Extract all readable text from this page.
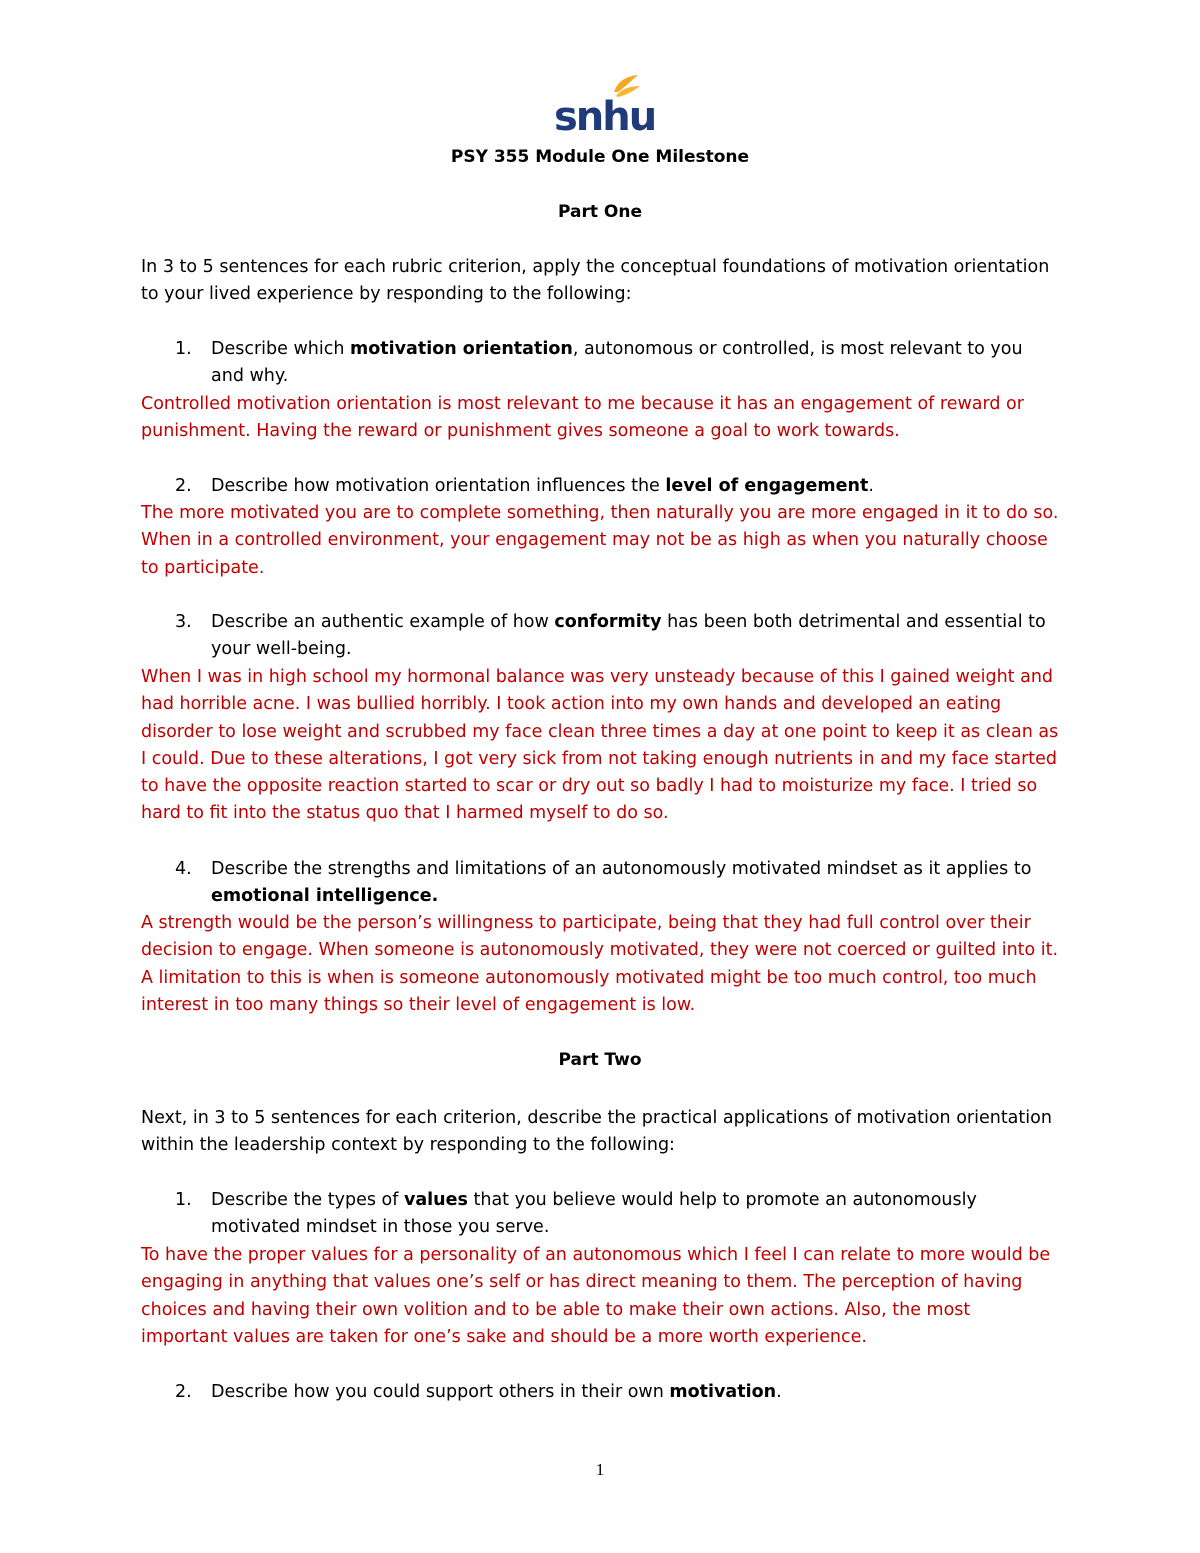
snhu
PSY 355 Module One Milestone
Part One
In 3 to 5 sentences for each rubric criterion, apply the conceptual foundations of motivation orientation to your lived experience by responding to the following:
1.	Describe which motivation orientation, autonomous or controlled, is most relevant to you and why.
Controlled motivation orientation is most relevant to me because it has an engagement of reward or punishment. Having the reward or punishment gives someone a goal to work towards.
2.	Describe how motivation orientation influences the level of engagement.
The more motivated you are to complete something, then naturally you are more engaged in it to do so. When in a controlled environment, your engagement may not be as high as when you naturally choose to participate.
3.	Describe an authentic example of how conformity has been both detrimental and essential to your well-being.
When I was in high school my hormonal balance was very unsteady because of this I gained weight and had horrible acne. I was bullied horribly. I took action into my own hands and developed an eating disorder to lose weight and scrubbed my face clean three times a day at one point to keep it as clean as I could. Due to these alterations, I got very sick from not taking enough nutrients in and my face started to have the opposite reaction started to scar or dry out so badly I had to moisturize my face. I tried so hard to fit into the status quo that I harmed myself to do so.
4.	Describe the strengths and limitations of an autonomously motivated mindset as it applies to emotional intelligence.
A strength would be the person’s willingness to participate, being that they had full control over their decision to engage. When someone is autonomously motivated, they were not coerced or guilted into it. A limitation to this is when is someone autonomously motivated might be too much control, too much interest in too many things so their level of engagement is low.
Part Two
Next, in 3 to 5 sentences for each criterion, describe the practical applications of motivation orientation within the leadership context by responding to the following:
1.	Describe the types of values that you believe would help to promote an autonomously motivated mindset in those you serve.
To have the proper values for a personality of an autonomous which I feel I can relate to more would be engaging in anything that values one’s self or has direct meaning to them. The perception of having choices and having their own volition and to be able to make their own actions. Also, the most important values are taken for one’s sake and should be a more worth experience.
2.	Describe how you could support others in their own motivation.
1
